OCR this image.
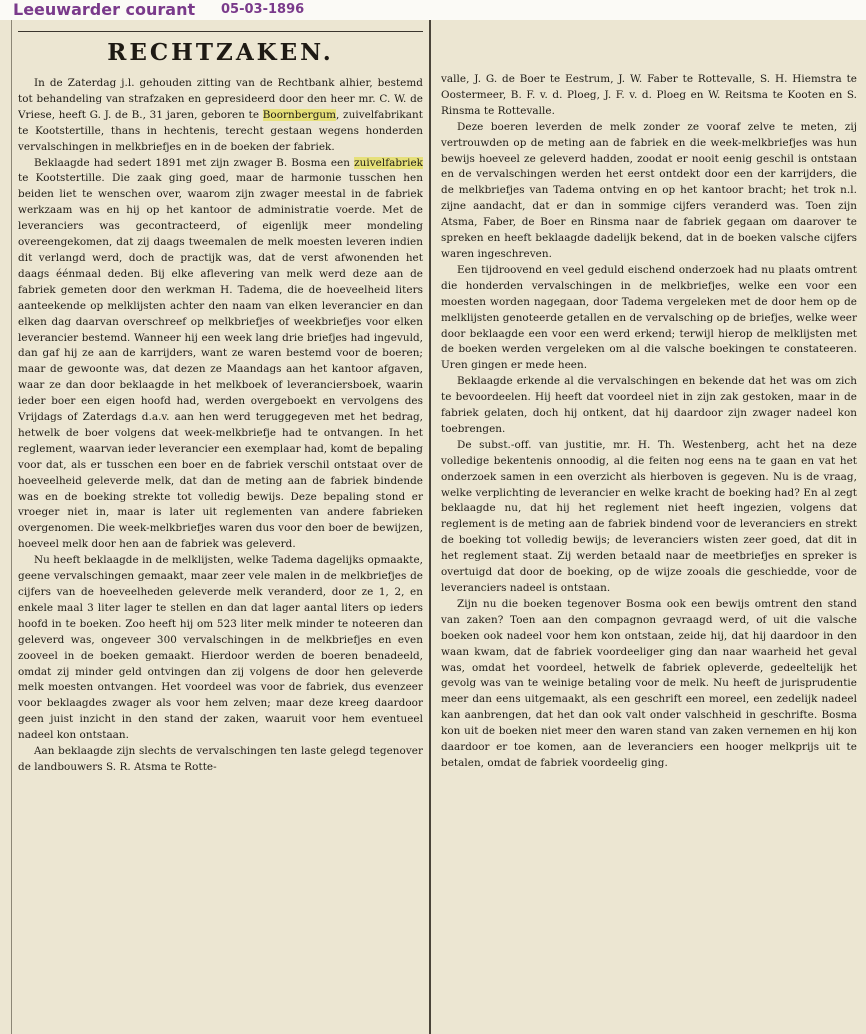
Leeuwarder courant 05-03-1896
RECHTZAKEN.

In de Zaterdag j.l. gehouden zitting van de Rechtbank alhier, bestemd tot behandeling van strafzaken en gepresideerd door den heer mr. C. W. de Vriese, heeft G. J. de B., 31 jaren, geboren te Boornbergum, zuivelfabrikant te Kootstertille, thans in hechtenis, terecht gestaan wegens honderden vervalschingen in melkbriefjes en in de boeken der fabriek.

Beklaagde had sedert 1891 met zijn zwager B. Bosma een zuivelfabriek te Kootstertille. Die zaak ging goed, maar de harmonie tusschen hen beiden liet te wenschen over, waarom zijn zwager meestal in de fabriek werkzaam was en hij op het kantoor de administratie voerde. Met de leveranciers was gecontracteerd, of eigenlijk meer mondeling overeengekomen, dat zij daags tweemalen de melk moesten leveren indien dit verlangd werd, doch de practijk was, dat de verst afwonenden het daags éénmaal deden. Bij elke aflevering van melk werd deze aan de fabriek gemeten door den werkman H. Tadema, die de hoeveelheid liters aanteekende op melklijsten achter den naam van elken leverancier en dan elken dag daarvan overschreef op melkbriefjes of weekbriefjes voor elken leverancier bestemd. Wanneer hij een week lang drie briefjes had ingevuld, dan gaf hij ze aan de karrijders, want ze waren bestemd voor de boeren; maar de gewoonte was, dat dezen ze Maandags aan het kantoor afgaven, waar ze dan door beklaagde in het melkboek of leveranciersboek, waarin ieder boer een eigen hoofd had, werden overgeboekt en vervolgens des Vrijdags of Zaterdags d.a.v. aan hen werd teruggegeven met het bedrag, hetwelk de boer volgens dat week-melkbriefje had te ontvangen. In het reglement, waarvan ieder leverancier een exemplaar had, komt de bepaling voor dat, als er tusschen een boer en de fabriek verschil ontstaat over de hoeveelheid geleverde melk, dat dan de meting aan de fabriek bindende was en de boeking strekte tot volledig bewijs. Deze bepaling stond er vroeger niet in, maar is later uit reglementen van andere fabrieken overgenomen. Die week-melkbriefjes waren dus voor den boer de bewijzen, hoeveel melk door hen aan de fabriek was geleverd.

Nu heeft beklaagde in de melklijsten, welke Tadema dagelijks opmaakte, geene vervalschingen gemaakt, maar zeer vele malen in de melkbriefjes de cijfers van de hoeveelheden geleverde melk veranderd, door ze 1, 2, en enkele maal 3 liter lager te stellen en dan dat lager aantal liters op ieders hoofd in te boeken. Zoo heeft hij om 523 liter melk minder te noteeren dan geleverd was, ongeveer 300 vervalschingen in de melkbriefjes en even zooveel in de boeken gemaakt. Hierdoor werden de boeren benadeeld, omdat zij minder geld ontvingen dan zij volgens de door hen geleverde melk moesten ontvangen. Het voordeel was voor de fabriek, dus evenzeer voor beklaagdes zwager als voor hem zelven; maar deze kreeg daardoor geen juist inzicht in den stand der zaken, waaruit voor hem eventueel nadeel kon ontstaan.

Aan beklaagde zijn slechts de vervalschingen ten laste gelegd tegenover de landbouwers S. R. Atsma te Rotte-

valle, J. G. de Boer te Eestrum, J. W. Faber te Rottevalle, S. H. Hiemstra te Oostermeer, B. F. v. d. Ploeg, J. F. v. d. Ploeg en W. Reitsma te Kooten en S. Rinsma te Rottevalle.

Deze boeren leverden de melk zonder ze vooraf zelve te meten, zij vertrouwden op de meting aan de fabriek en die week-melkbriefjes was hun bewijs hoeveel ze geleverd hadden, zoodat er nooit eenig geschil is ontstaan en de vervalschingen werden het eerst ontdekt door een der karrijders, die de melkbriefjes van Tadema ontving en op het kantoor bracht; het trok n.l. zijne aandacht, dat er dan in sommige cijfers veranderd was. Toen zijn Atsma, Faber, de Boer en Rinsma naar de fabriek gegaan om daarover te spreken en heeft beklaagde dadelijk bekend, dat in de boeken valsche cijfers waren ingeschreven.

Een tijdroovend en veel geduld eischend onderzoek had nu plaats omtrent die honderden vervalschingen in de melkbriefjes, welke een voor een moesten worden nagegaan, door Tadema vergeleken met de door hem op de melklijsten genoteerde getallen en de vervalsching op de briefjes, welke weer door beklaagde een voor een werd erkend; terwijl hierop de melklijsten met de boeken werden vergeleken om al die valsche boekingen te constateeren. Uren gingen er mede heen.

Beklaagde erkende al die vervalschingen en bekende dat het was om zich te bevoordeelen. Hij heeft dat voordeel niet in zijn zak gestoken, maar in de fabriek gelaten, doch hij ontkent, dat hij daardoor zijn zwager nadeel kon toebrengen.

De subst.-off. van justitie, mr. H. Th. Westenberg, acht het na deze volledige bekentenis onnoodig, al die feiten nog eens na te gaan en vat het onderzoek samen in een overzicht als hierboven is gegeven. Nu is de vraag, welke verplichting de leverancier en welke kracht de boeking had? En al zegt beklaagde nu, dat hij het reglement niet heeft ingezien, volgens dat reglement is de meting aan de fabriek bindend voor de leveranciers en strekt de boeking tot volledig bewijs; de leveranciers wisten zeer goed, dat dit in het reglement staat. Zij werden betaald naar de meetbriefjes en spreker is overtuigd dat door de boeking, op de wijze zooals die geschiedde, voor de leveranciers nadeel is ontstaan.

Zijn nu die boeken tegenover Bosma ook een bewijs omtrent den stand van zaken? Toen aan den compagnon gevraagd werd, of uit die valsche boeken ook nadeel voor hem kon ontstaan, zeide hij, dat hij daardoor in den waan kwam, dat de fabriek voordeeliger ging dan naar waarheid het geval was, omdat het voordeel, hetwelk de fabriek opleverde, gedeeltelijk het gevolg was van te weinige betaling voor de melk. Nu heeft de jurisprudentie meer dan eens uitgemaakt, als een geschrift een moreel, een zedelijk nadeel kan aanbrengen, dat het dan ook valt onder valschheid in geschrifte. Bosma kon uit de boeken niet meer den waren stand van zaken vernemen en hij kon daardoor er toe komen, aan de leveranciers een hooger melkprijs uit te betalen, omdat de fabriek voordeelig ging.
